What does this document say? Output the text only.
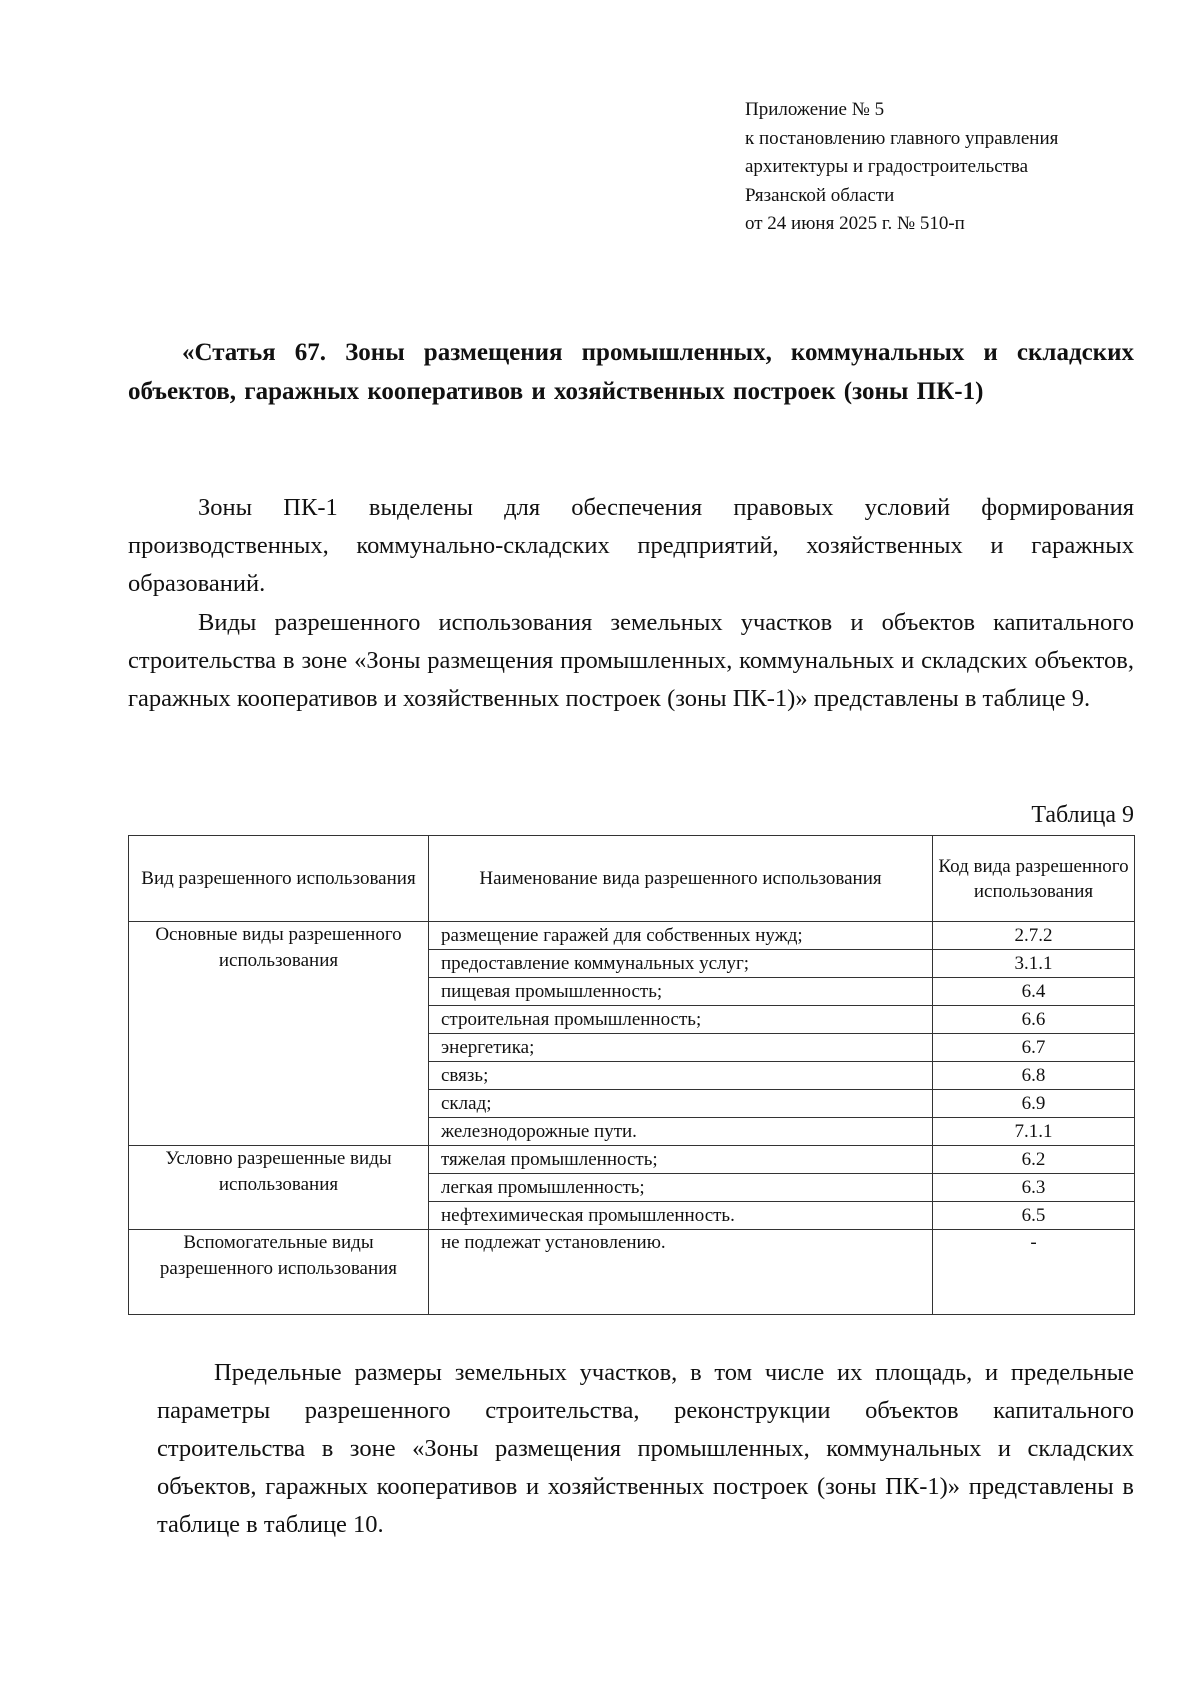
Приложение № 5
к постановлению главного управления
архитектуры и градостроительства
Рязанской области
от 24 июня 2025 г. № 510-п
«Статья 67. Зоны размещения промышленных, коммунальных и складских объектов, гаражных кооперативов и хозяйственных построек (зоны ПК-1)
Зоны ПК-1 выделены для обеспечения правовых условий формирования производственных, коммунально-складских предприятий, хозяйственных и гаражных образований.
Виды разрешенного использования земельных участков и объектов капитального строительства в зоне «Зоны размещения промышленных, коммунальных и складских объектов, гаражных кооперативов и хозяйственных построек (зоны ПК-1)» представлены в таблице 9.
Таблица 9
Вид разрешенного использования	Наименование вида разрешенного использования	Код вида разрешенного использования
Основные виды разрешенного использования	размещение гаражей для собственных нужд;	2.7.2
	предоставление коммунальных услуг;	3.1.1
	пищевая промышленность;	6.4
	строительная промышленность;	6.6
	энергетика;	6.7
	связь;	6.8
	склад;	6.9
	железнодорожные пути.	7.1.1
Условно разрешенные виды использования	тяжелая промышленность;	6.2
	легкая промышленность;	6.3
	нефтехимическая промышленность.	6.5
Вспомогательные виды разрешенного использования	не подлежат установлению.	-
Предельные размеры земельных участков, в том числе их площадь, и предельные параметры разрешенного строительства, реконструкции объектов капитального строительства в зоне «Зоны размещения промышленных, коммунальных и складских объектов, гаражных кооперативов и хозяйственных построек (зоны ПК-1)» представлены в таблице в таблице 10.
